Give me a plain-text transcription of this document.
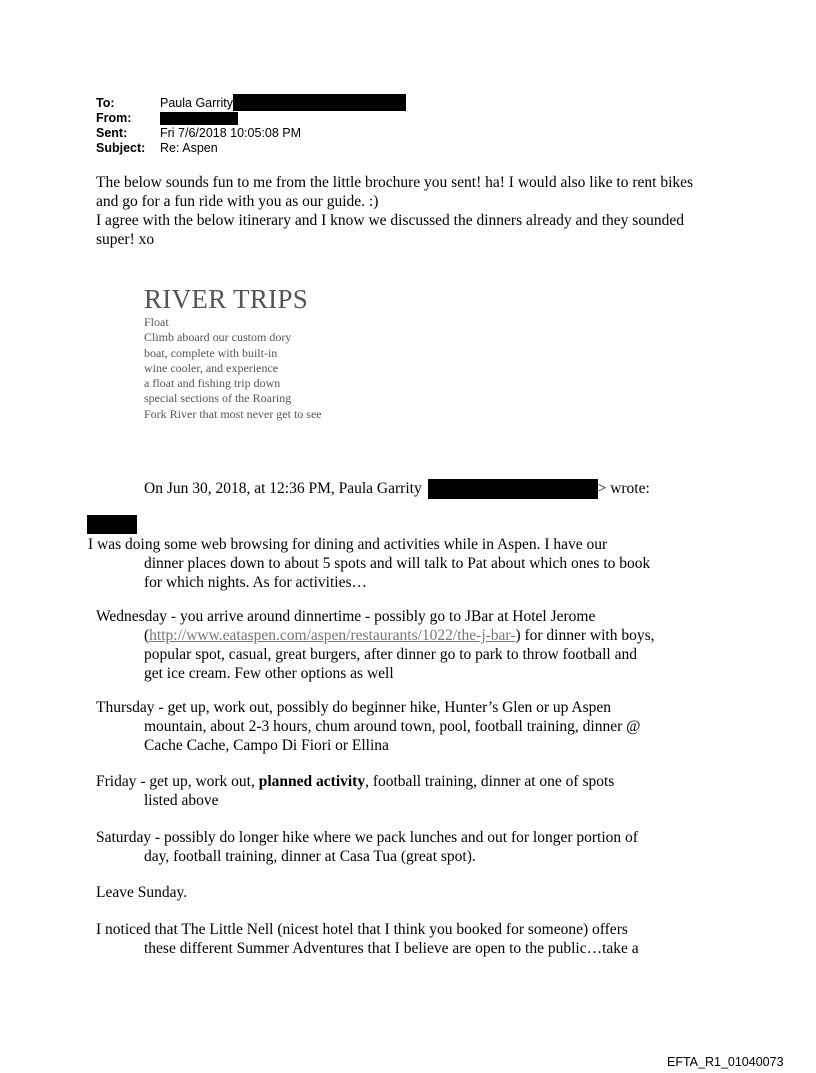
To:	Paula Garrity
From:
Sent:	Fri 7/6/2018 10:05:08 PM
Subject:	Re: Aspen
The below sounds fun to me from the little brochure you sent! ha! I would also like to rent bikes
and go for a fun ride with you as our guide. :)
I agree with the below itinerary and I know we discussed the dinners already and they sounded
super! xo
RIVER TRIPS
Float
Climb aboard our custom dory
boat, complete with built-in
wine cooler, and experience
a float and fishing trip down
special sections of the Roaring
Fork River that most never get to see
On Jun 30, 2018, at 12:36 PM, Paula Garrity	> wrote:
I was doing some web browsing for dining and activities while in Aspen. I have our
dinner places down to about 5 spots and will talk to Pat about which ones to book
for which nights. As for activities…
Wednesday - you arrive around dinnertime - possibly go to JBar at Hotel Jerome
(http://www.eataspen.com/aspen/restaurants/1022/the-j-bar-) for dinner with boys,
popular spot, casual, great burgers, after dinner go to park to throw football and
get ice cream. Few other options as well
Thursday - get up, work out, possibly do beginner hike, Hunter’s Glen or up Aspen
mountain, about 2-3 hours, chum around town, pool, football training, dinner @
Cache Cache, Campo Di Fiori or Ellina
Friday - get up, work out, planned activity, football training, dinner at one of spots
listed above
Saturday - possibly do longer hike where we pack lunches and out for longer portion of
day, football training, dinner at Casa Tua (great spot).
Leave Sunday.
I noticed that The Little Nell (nicest hotel that I think you booked for someone) offers
these different Summer Adventures that I believe are open to the public…take a
EFTA_R1_01040073
